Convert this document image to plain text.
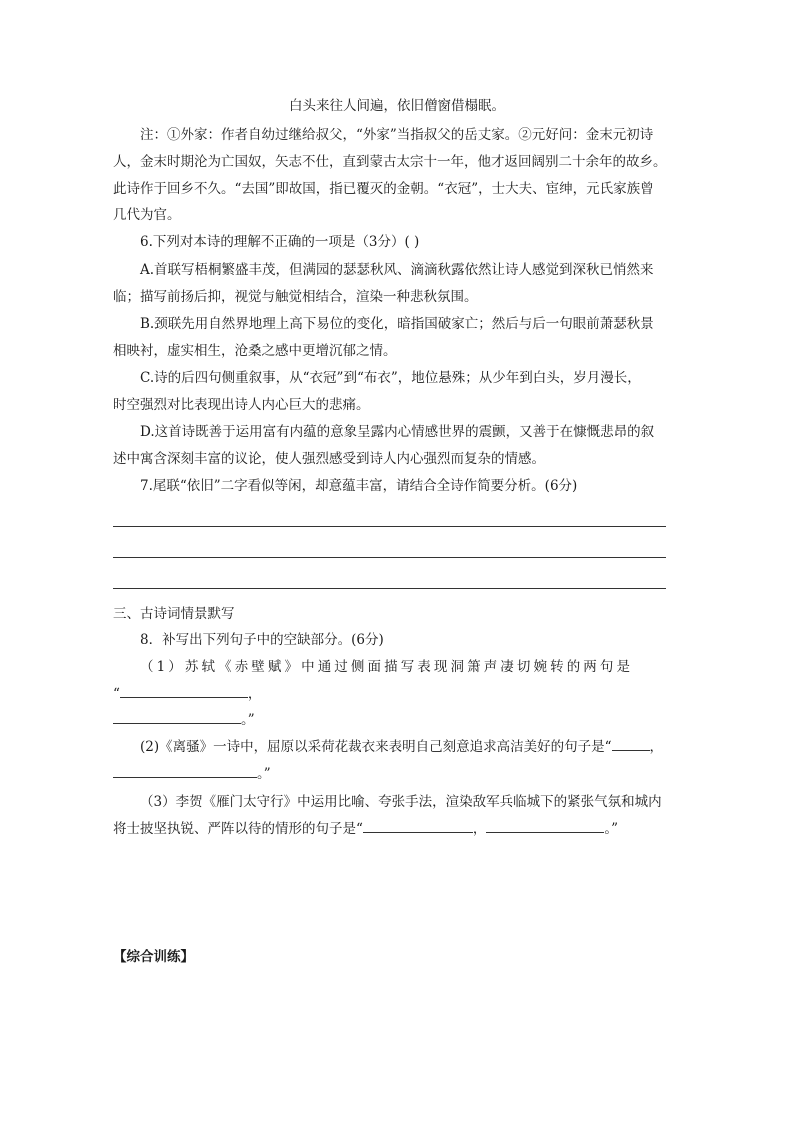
白头来往人间遍，依旧僧窗借榻眠。
注：①外家：作者自幼过继给叔父，“外家”当指叔父的岳丈家。②元好问：金末元初诗
人，金末时期沦为亡国奴，矢志不仕，直到蒙古太宗十一年，他才返回阔别二十余年的故乡。
此诗作于回乡不久。“去国”即故国，指已覆灭的金朝。“衣冠”，士大夫、宦绅，元氏家族曾
几代为官。
6.下列对本诗的理解不正确的一项是（3分）( )
A.首联写梧桐繁盛丰茂，但满园的瑟瑟秋风、滴滴秋露依然让诗人感觉到深秋已悄然来
临；描写前扬后抑，视觉与触觉相结合，渲染一种悲秋氛围。
B.颈联先用自然界地理上高下易位的变化，暗指国破家亡；然后与后一句眼前萧瑟秋景
相映衬，虚实相生，沧桑之感中更增沉郁之情。
C.诗的后四句侧重叙事，从“衣冠”到“布衣”，地位悬殊；从少年到白头，岁月漫长，
时空强烈对比表现出诗人内心巨大的悲痛。
D.这首诗既善于运用富有内蕴的意象呈露内心情感世界的震颤，又善于在慷慨悲昂的叙
述中寓含深刻丰富的议论，使人强烈感受到诗人内心强烈而复杂的情感。
7.尾联“依旧”二字看似等闲，却意蕴丰富，请结合全诗作简要分析。(6分)
三、古诗词情景默写
8．补写出下列句子中的空缺部分。(6分)
（1）苏轼《赤壁赋》中通过侧面描写表现洞箫声凄切婉转的两句是
“	，
。”
(2)《离骚》一诗中，屈原以采荷花裁衣来表明自己刻意追求高洁美好的句子是“	，
。”
（3）李贺《雁门太守行》中运用比喻、夸张手法，渲染敌军兵临城下的紧张气氛和城内
将士披坚执锐、严阵以待的情形的句子是“	，	。”
【综合训练】
